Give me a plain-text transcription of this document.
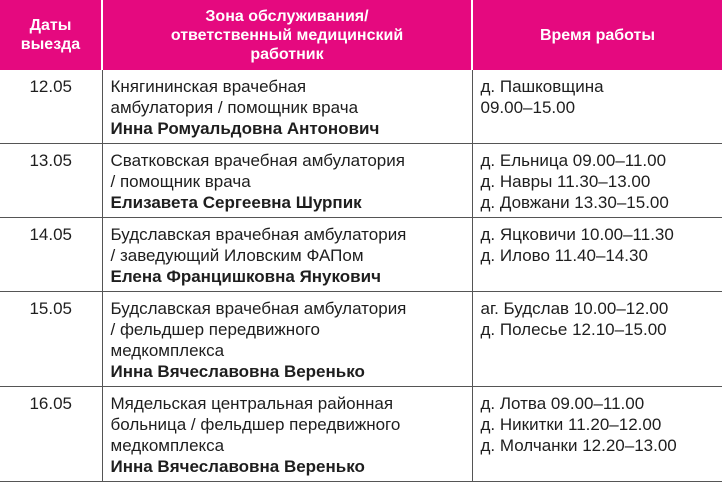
Даты
выезда	Зона обслуживания/
ответственный медицинский
работник	Время работы
12.05	Княгининская врачебная
амбулатория / помощник врача
Инна Ромуальдовна Антонович	д. Пашковщина
09.00–15.00

13.05	Сватковская врачебная амбулатория
/ помощник врача
Елизавета Сергеевна Шурпик	д. Ельница 09.00–11.00
д. Навры 11.30–13.00
д. Довжани 13.30–15.00

14.05	Будславская врачебная амбулатория
/ заведующий Иловским ФАПом
Елена Францишковна Янукович	д. Яцковичи 10.00–11.30
д. Илово 11.40–14.30

15.05	Будславская врачебная амбулатория
/ фельдшер передвижного
медкомплекса
Инна Вячеславовна Веренько	аг. Будслав 10.00–12.00
д. Полесье 12.10–15.00

16.05	Мядельская центральная районная
больница / фельдшер передвижного
медкомплекса
Инна Вячеславовна Веренько	д. Лотва 09.00–11.00
д. Никитки 11.20–12.00
д. Молчанки 12.20–13.00
